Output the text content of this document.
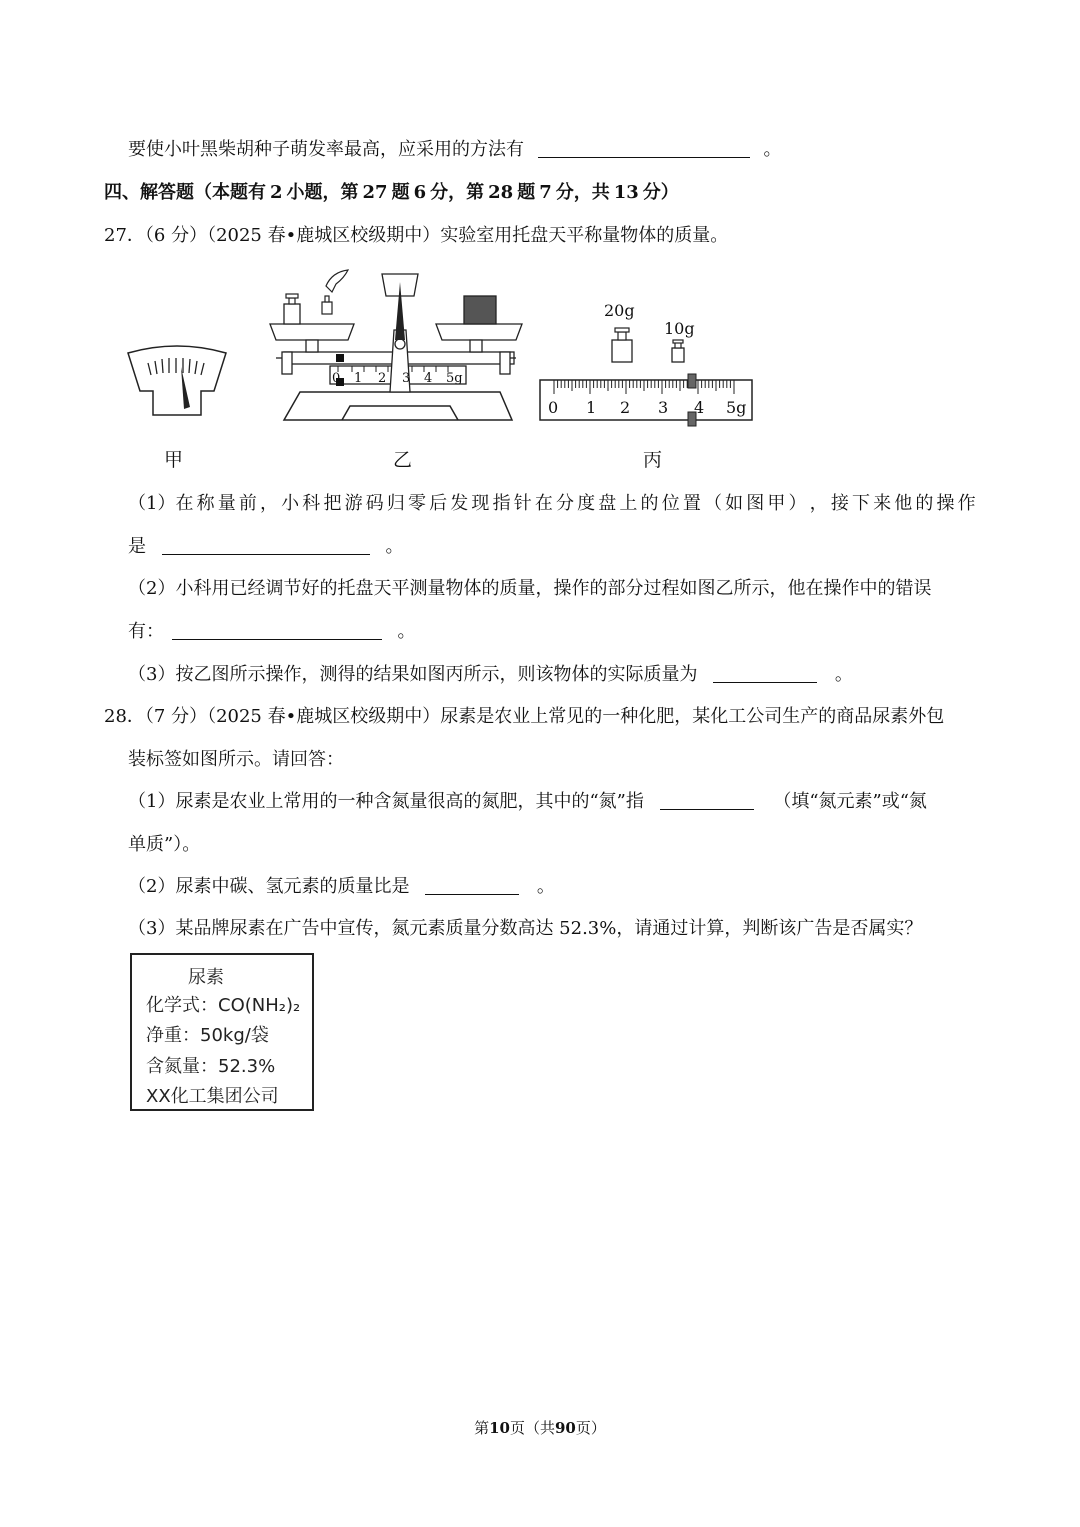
要使小叶黑柴胡种子萌发率最高，应采用的方法有	。
四、解答题（本题有 2 小题，第 27 题 6 分，第 28 题 7 分，共 13 分）
27．（6 分）（2025 春•鹿城区校级期中）实验室用托盘天平称量物体的质量。
0 1 2 3 4 5g
20g
10g
0 1 2 3 4 5g
甲	乙	丙
（1）在 称 量 前 ， 小 科 把 游 码 归 零 后 发 现 指 针 在 分 度 盘 上 的 位 置 （ 如 图 甲 ） ， 接 下 来 他 的 操 作
是	。
（2）小科用已经调节好的托盘天平测量物体的质量，操作的部分过程如图乙所示，他在操作中的错误
有：	。
（3）按乙图所示操作，测得的结果如图丙所示，则该物体的实际质量为	。
28．（7 分）（2025 春•鹿城区校级期中）尿素是农业上常见的一种化肥，某化工公司生产的商品尿素外包
装标签如图所示。请回答：
（1）尿素是农业上常用的一种含氮量很高的氮肥，其中的“氮”指	（填“氮元素”或“氮
单质”）。
（2）尿素中碳、氢元素的质量比是	。
（3）某品牌尿素在广告中宣传，氮元素质量分数高达 52.3%，请通过计算，判断该广告是否属实？
尿素
化学式：CO(NH₂)₂
净重：50kg/袋
含氮量：52.3%
XX化工集团公司
第10页（共90页）
